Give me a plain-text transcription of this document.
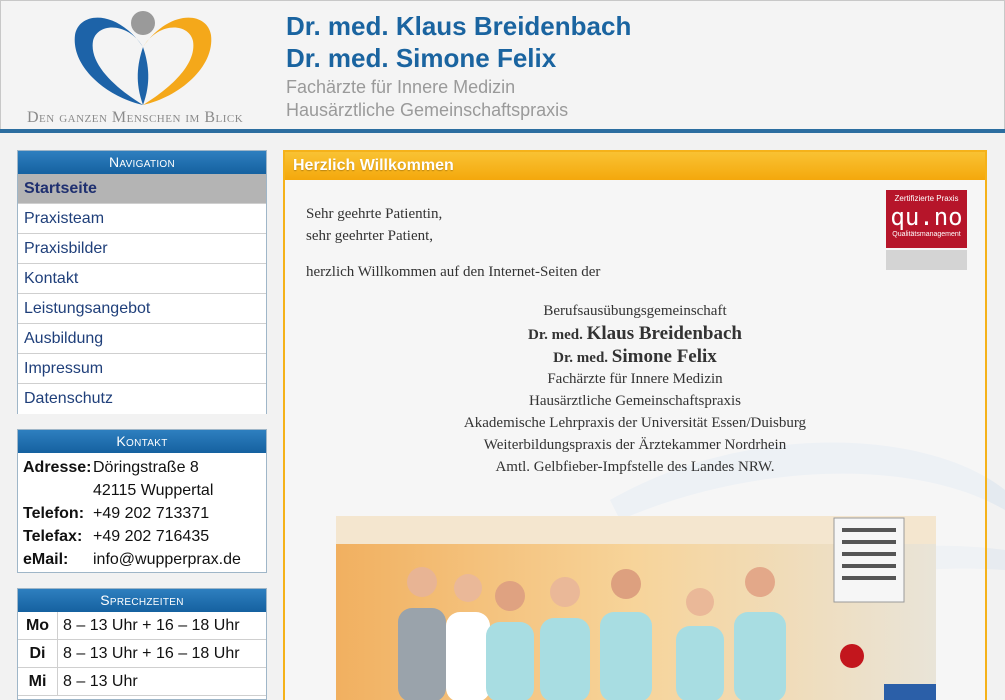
Den ganzen Menschen im Blick
Dr. med. Klaus Breidenbach
Dr. med. Simone Felix
Fachärzte für Innere Medizin
Hausärztliche Gemeinschaftspraxis
Navigation
Startseite
Praxisteam
Praxisbilder
Kontakt
Leistungsangebot
Ausbildung
Impressum
Datenschutz
Kontakt
Adresse: Döringstraße 8
42115 Wuppertal
Telefon: +49 202 713371
Telefax: +49 202 716435
eMail:	info@wupperprax.de
Sprechzeiten
Mo 8 – 13 Uhr + 16 – 18 Uhr
Di	8 – 13 Uhr + 16 – 18 Uhr
Mi	8 – 13 Uhr
Herzlich Willkommen
Sehr geehrte Patientin,
sehr geehrter Patient,
herzlich Willkommen auf den Internet-Seiten der
Berufsausübungsgemeinschaft
Dr. med. Klaus Breidenbach
Dr. med. Simone Felix
Fachärzte für Innere Medizin
Hausärztliche Gemeinschaftspraxis
Akademische Lehrpraxis der Universität Essen/Duisburg
Weiterbildungspraxis der Ärztekammer Nordrhein
Amtl. Gelbfieber-Impfstelle des Landes NRW.
Zertifizierte Praxis
qu.no
Qualitätsmanagement
